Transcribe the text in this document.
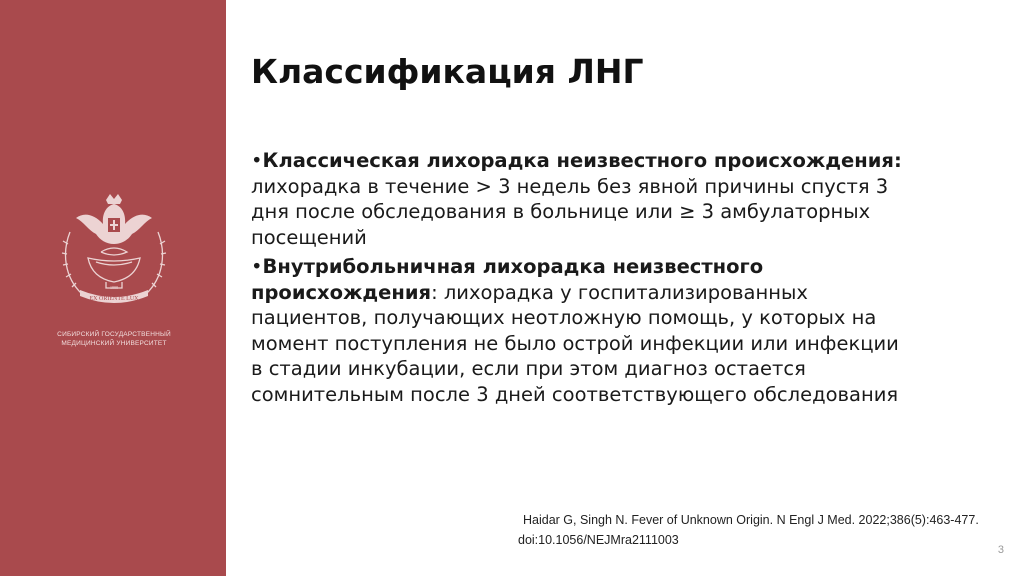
EX ORIENTE LUX
1888
СИБИРСКИЙ ГОСУДАРСТВЕННЫЙ
МЕДИЦИНСКИЙ УНИВЕРСИТЕТ
Классификация ЛНГ

•Классическая лихорадка неизвестного происхождения: лихорадка в течение > 3 недель без явной причины спустя 3 дня после обследования в больнице или ≥ 3 амбулаторных посещений

•Внутрибольничная лихорадка неизвестного происхождения: лихорадка у госпитализированных пациентов, получающих неотложную помощь, у которых на момент поступления не было острой инфекции или инфекции в стадии инкубации, если при этом диагноз остается сомнительным после 3 дней соответствующего обследования

Haidar G, Singh N. Fever of Unknown Origin. N Engl J Med. 2022;386(5):463-477.
doi:10.1056/NEJMra2111003
3
